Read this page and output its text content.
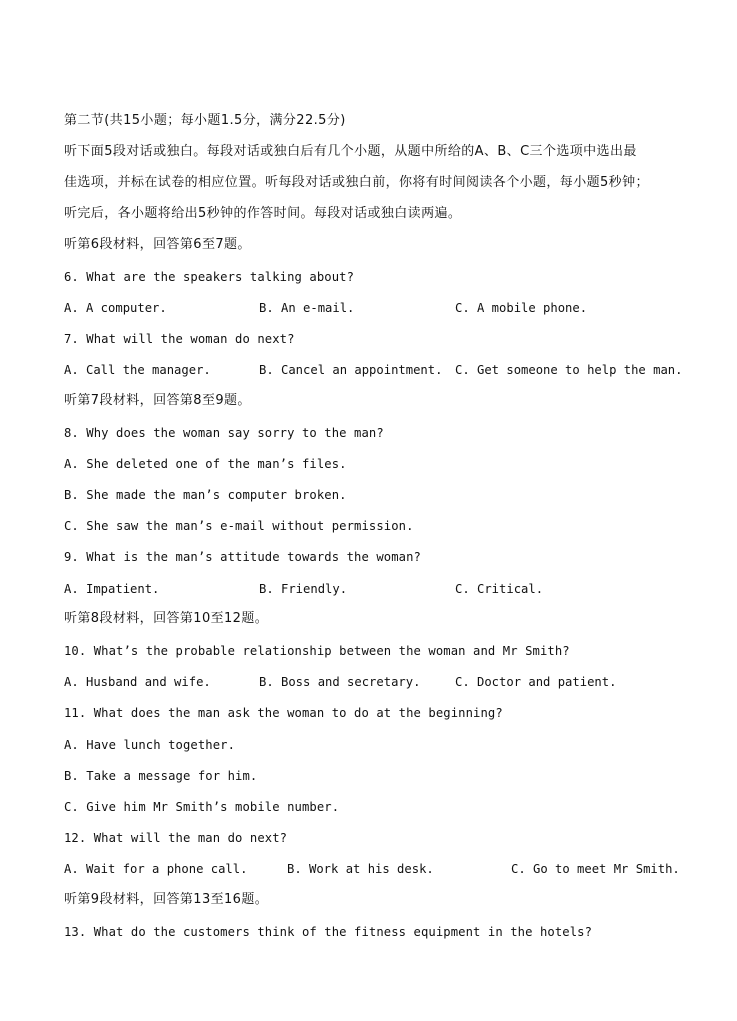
第二节(共15小题；每小题1.5分，满分22.5分)
听下面5段对话或独白。每段对话或独白后有几个小题，从题中所给的A、B、C三个选项中选出最
佳选项，并标在试卷的相应位置。听每段对话或独白前，你将有时间阅读各个小题，每小题5秒钟；
听完后，各小题将给出5秒钟的作答时间。每段对话或独白读两遍。
听第6段材料，回答第6至7题。
6. What are the speakers talking about?
A. A computer.	B. An e-mail.	C. A mobile phone.
7. What will the woman do next?
A. Call the manager.	B. Cancel an appointment. C. Get someone to help the man.
听第7段材料，回答第8至9题。
8. Why does the woman say sorry to the man?
A. She deleted one of the man’s files.
B. She made the man’s computer broken.
C. She saw the man’s e-mail without permission.
9. What is the man’s attitude towards the woman?
A. Impatient.	B. Friendly.	C. Critical.
听第8段材料，回答第10至12题。
10. What’s the probable relationship between the woman and Mr Smith?
A. Husband and wife.	B. Boss and secretary.	C. Doctor and patient.
11. What does the man ask the woman to do at the beginning?
A. Have lunch together.
B. Take a message for him.
C. Give him Mr Smith’s mobile number.
12. What will the man do next?
A. Wait for a phone call.	B. Work at his desk.	C. Go to meet Mr Smith.
听第9段材料，回答第13至16题。
13. What do the customers think of the fitness equipment in the hotels?
